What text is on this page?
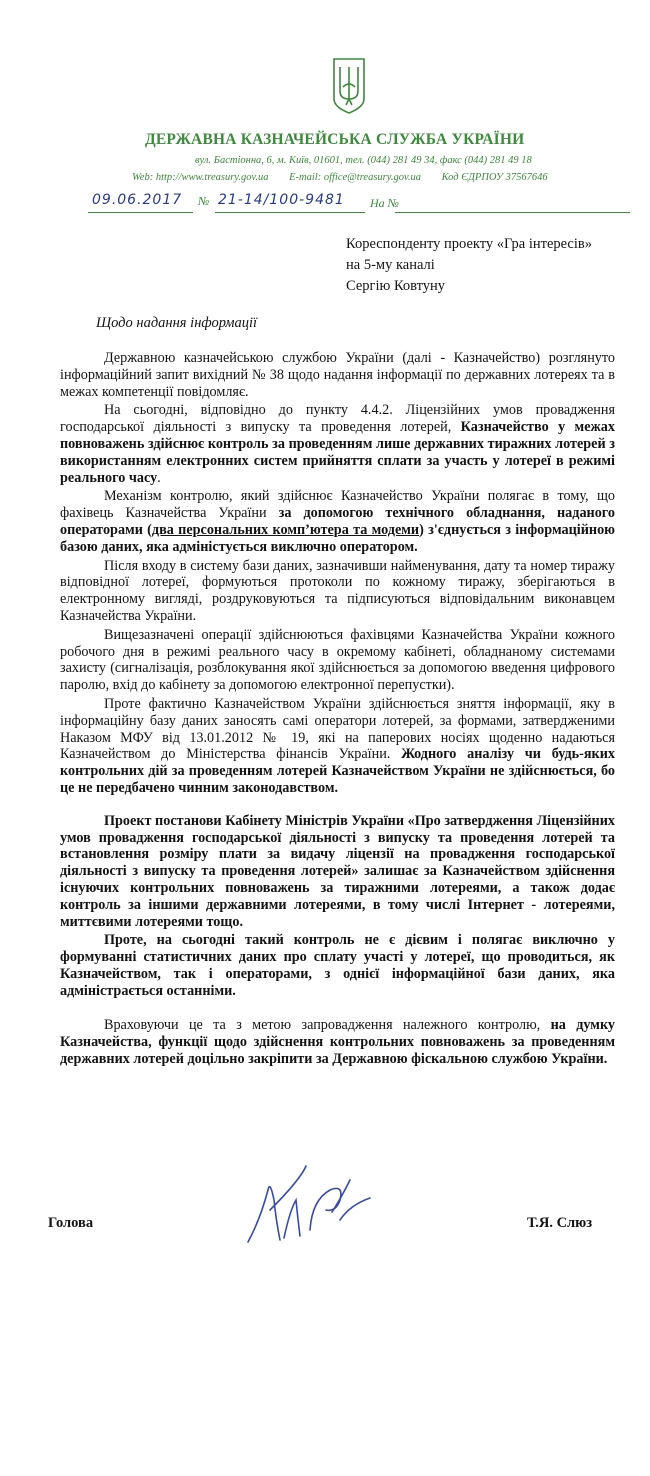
ДЕРЖАВНА КАЗНАЧЕЙСЬКА СЛУЖБА УКРАЇНИ
вул. Бастіонна, 6, м. Київ, 01601, тел. (044) 281 49 34, факс (044) 281 49 18
Web: http://www.treasury.gov.ua E-mail: office@treasury.gov.ua Код ЄДРПОУ 37567646
09.06.2017 № 21-14/100-9481 На №
Кореспонденту проекту «Гра інтересів»
на 5-му каналі
Сергію Ковтуну
Щодо надання інформації

Державною казначейською службою України (далі - Казначейство) розглянуто інформаційний запит вихідний № 38 щодо надання інформації по державних лотереях та в межах компетенції повідомляє.

На сьогодні, відповідно до пункту 4.4.2. Ліцензійних умов провадження господарської діяльності з випуску та проведення лотерей, Казначейство у межах повноважень здійснює контроль за проведенням лише державних тиражних лотерей з використанням електронних систем прийняття сплати за участь у лотереї в режимі реального часу.

Механізм контролю, який здійснює Казначейство України полягає в тому, що фахівець Казначейства України за допомогою технічного обладнання, наданого операторами (два персональних комп’ютера та модеми) з'єднується з інформаційною базою даних, яка адміністується виключно оператором.

Після входу в систему бази даних, зазначивши найменування, дату та номер тиражу відповідної лотереї, формуються протоколи по кожному тиражу, зберігаються в електронному вигляді, роздруковуються та підписуються відповідальним виконавцем Казначейства України.

Вищезазначені операції здійснюються фахівцями Казначейства України кожного робочого дня в режимі реального часу в окремому кабінеті, обладнаному системами захисту (сигналізація, розблокування якої здійснюється за допомогою введення цифрового паролю, вхід до кабінету за допомогою електронної перепустки).

Проте фактично Казначейством України здійснюється зняття інформації, яку в інформаційну базу даних заносять самі оператори лотерей, за формами, затвердженими Наказом МФУ від 13.01.2012 № 19, які на паперових носіях щоденно надаються Казначейством до Міністерства фінансів України. Жодного аналізу чи будь-яких контрольних дій за проведенням лотерей Казначейством України не здійснюється, бо це не передбачено чинним законодавством.

Проект постанови Кабінету Міністрів України «Про затвердження Ліцензійних умов провадження господарської діяльності з випуску та проведення лотерей та встановлення розміру плати за видачу ліцензії на провадження господарської діяльності з випуску та проведення лотерей» залишає за Казначейством здійснення існуючих контрольних повноважень за тиражними лотереями, а також додає контроль за іншими державними лотереями, в тому числі Інтернет - лотереями, миттєвими лотереями тощо.

Проте, на сьогодні такий контроль не є дієвим і полягає виключно у формуванні статистичних даних про сплату участі у лотереї, що проводиться, як Казначейством, так і операторами, з однієї інформаційної бази даних, яка адміністрається останніми.

Враховуючи це та з метою запровадження належного контролю, на думку Казначейства, функції щодо здійснення контрольних повноважень за проведенням державних лотерей доцільно закріпити за Державною фіскальною службою України.

Голова	Т.Я. Слюз
